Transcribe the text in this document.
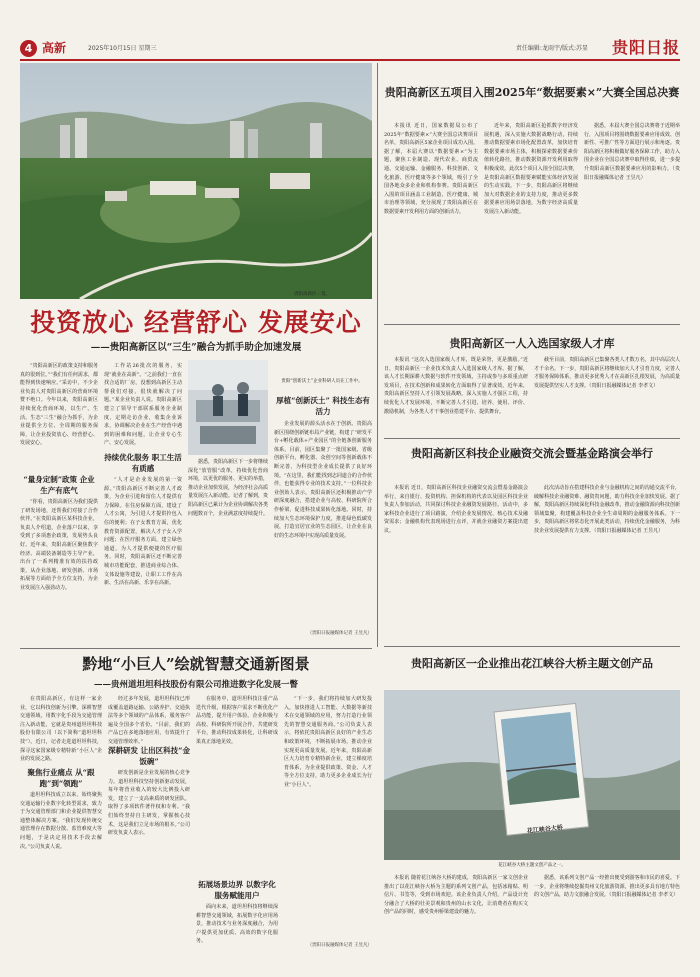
4 高新	2025年10月15日 星期三	责任编辑:龙雨宇/版式:苏显 贵阳日报
贵阳高新区一景。
投资放心 经营舒心 发展安心
——贵阳高新区以“三生”融合为抓手助企加速发展
“贵阳高新区的政策支持和服务真的很到位。”“我们有任何需求，都能得到快速响应。”采访中，不少企业负责人对贵阳高新区的营商环境赞不绝口。今年以来，贵阳高新区持续优化营商环境，以生产、生活、生态“三生”融合为抓手，为企业提供全方位、全周期的服务保障，让企业投资放心、经营舒心、发展安心。
“量身定制”政策 企业生产有底气
“你看，贵阳高新区为我们提供了研发场地，还帮我们对接了合作伙伴。”在贵阳高新区某科技企业，负责人介绍道，企业落户以来，享受到了多项惠企政策，发展势头良好。近年来，贵阳高新区聚焦数字经济、高端装备制造等主导产业，出台了一系列精准有效的扶持政策，从企业落地、研发创新、市场拓展等方面给予全方位支持，为企业发展注入强劲动力。
工作站26批次的服务，实现“就业在高新”。“之前我们一直在找合适的厂房，没想到高新区主动帮我们对接，很快就解决了问题。”某企业负责人说。贵阳高新区建立了领导干部联系服务企业制度，定期走访企业，收集企业诉求，协调解决企业在生产经营中遇到的困难和问题，让企业专心生产、安心发展。
持续优化服务 职工生活有质感
“人才是企业发展的第一资源。”贵阳高新区不断完善人才政策，为企业引进和留住人才提供有力保障。在住房保障方面，建设了人才公寓，为引进人才提供拎包入住的便利；在子女教育方面，优化教育资源配置，解决人才子女入学问题；在医疗服务方面，建立绿色通道，为人才提供便捷的医疗服务。同时，贵阳高新区还不断完善城市功能配套，推进商业综合体、文体设施等建设，让职工工作在高新、生活在高新、乐享在高新。
据悉，贵阳高新区下一步将继续深化“放管服”改革，持续优化营商环境，以更优的服务、更实的举措，推动企业加快发展，为经济社会高质量发展注入新动能。记者了解到，贵阳高新区已累计为企业协调解决各类问题数百个，企业满意度持续提升。
贵阳“创新沃土”企业科研人员在工作中。
厚植“创新沃土” 科技生态有活力
企业发展的源头活水在于创新。贵阳高新区围绕创新链布局产业链，构建了“研发平台+孵化载体+产业园区”的全链条创新服务体系。目前，园区集聚了一批国家级、省级创新平台，孵化器、众创空间等创新载体不断完善，为科技型企业成长提供了良好环境。“在这里，我们能找到志同道合的合作伙伴，也能获得专业的技术支持。”一位科技企业创始人表示。贵阳高新区还积极推动产学研深度融合，搭建企业与高校、科研院所合作桥梁，促进科技成果转化落地。同时，持续加大生态环境保护力度，推进绿色低碳发展，打造宜居宜业的生态园区，让企业在良好的生态环境中实现高质量发展。
（贵阳日报融媒体记者 王昱凡）
贵阳高新区五项目入围2025年“数据要素×”大赛全国总决赛
本报讯 近日，国家数据局公布了2025年“数据要素×”大赛全国总决赛项目名单，贵阳高新区5家企业项目成功入围。据了解，本届大赛以“数据要素×”为主题，聚焦工业制造、现代农业、商贸流通、交通运输、金融服务、科技创新、文化旅游、医疗健康等多个领域，吸引了全国各地众多企业和机构参赛。贵阳高新区入围的项目涵盖工业制造、医疗健康、城市治理等领域，充分展现了贵阳高新区在数据要素开发利用方面的创新活力。
近年来，贵阳高新区抢抓数字经济发展机遇，深入实施大数据战略行动，持续推动数据要素市场化配置改革，加快培育数据要素市场主体，积极探索数据要素价值转化路径，推动数据资源开发利用取得积极成效。此次5个项目入围全国总决赛，是贵阳高新区数据要素赋能实体经济发展的生动实践。下一步，贵阳高新区将继续加大对数据企业的支持力度，推动更多数据要素应用场景落地，为数字经济高质量发展注入新动能。
据悉，本届大赛全国总决赛将于近期举行，入围项目将围绕数据要素应用成效、创新性、可推广性等方面进行展示和角逐。贵阳高新区将积极做好服务保障工作，助力入围企业在全国总决赛中取得佳绩，进一步提升贵阳高新区数据要素应用的影响力。（贵阳日报融媒体记者 王昱凡）
贵阳高新区一人入选国家级人才库
本报讯 “这次入选国家级人才库，既是荣誉，更是激励。”近日，贵阳高新区一企业技术负责人入选国家级人才库。据了解，该人才长期深耕大数据与软件开发领域，主持或参与多项重点研发项目，在技术创新和成果转化方面取得了显著成效。近年来，贵阳高新区坚持人才引领发展战略，深入实施人才强区工程，持续优化人才发展环境，不断完善人才引进、培养、使用、评价、激励机制，为各类人才干事创业搭建平台、提供舞台。
截至目前，贵阳高新区已集聚各类人才数万名，其中高层次人才千余名。下一步，贵阳高新区将继续加大人才引育力度，完善人才服务保障体系，推动更多优秀人才在高新区扎根发展，为高质量发展提供坚实人才支撑。（贵阳日报融媒体记者 李孝文）
贵阳高新区科技企业融资交流会暨基金路演会举行
本报讯 近日，贵阳高新区科技企业融资交流会暨基金路演会举行，来自银行、投资机构、担保机构的代表以及园区科技企业负责人参加活动，共同探讨科技企业融资发展路径。活动中，多家科技企业进行了项目路演，介绍企业发展情况、核心技术及融资需求；金融机构代表现场进行点评，并就企业融资方案提出建议。
此次活动旨在搭建科技企业与金融机构之间的沟通交流平台，破解科技企业融资难、融资贵问题，助力科技企业加快发展。据了解，贵阳高新区持续深化科技金融改革，推动金融资源向科技创新领域集聚，构建覆盖科技企业全生命周期的金融服务体系。下一步，贵阳高新区将常态化开展此类活动，持续优化金融服务，为科技企业发展提供有力支撑。（贵阳日报融媒体记者 王昱凡）
黔地“小巨人”绘就智慧交通新图景
——贵州道坦坦科技股份有限公司推进数字化发展一瞥
在贵阳高新区，有这样一家企业，它以科技创新为引擎，深耕智慧交通领域，用数字化手段为交通管理注入新动能，它就是贵州道坦坦科技股份有限公司（以下简称“道坦坦科技”）。近日，记者走进道坦坦科技，探寻这家国家级专精特新“小巨人”企业的发展之路。
聚焦行业痛点 从“跟跑”到“领跑”
道坦坦科技成立以来，始终聚焦交通运输行业数字化转型需求，致力于为交通管理部门和企业提供智慧交通整体解决方案。“我们发现传统交通管理存在数据分散、监管难度大等问题，于是决定用技术手段去解决。”公司负责人说。
经过多年发展，道坦坦科技已形成覆盖道路运输、公路养护、交通执法等多个领域的产品体系，服务客户遍及全国多个省份。“目前，我们的产品已在多地落地应用，有效提升了交通管理效率。”
深耕研发 让出区科技“金饭碗”
研发创新是企业发展的核心竞争力。道坦坦科技坚持创新驱动发展，每年将营业收入的较大比例投入研发，建立了一支高素质的研发团队，取得了多项软件著作权和专利。“我们始终坚持自主研发，掌握核心技术，这是我们立足市场的根本。”公司研发负责人表示。
在服务中，道坦坦科技注重产品迭代升级，根据客户需求不断优化产品功能，提升用户体验。企业积极与高校、科研院所开展合作，共建研发平台，推动科技成果转化，让科研成果真正落地见效。
拓展场景边界 以数字化服务赋能用户
面向未来，道坦坦科技将继续深耕智慧交通领域，拓展数字化应用场景，推动技术与业务深度融合，为用户提供更加优质、高效的数字化服务。
“下一步，我们将持续加大研发投入，加快推进人工智能、大数据等新技术在交通领域的应用，努力打造行业领先的智慧交通服务商。”公司负责人表示，将依托贵阳高新区良好的产业生态和政策环境，不断拓展市场，推动企业实现更高质量发展。近年来，贵阳高新区大力培育专精特新企业，建立梯度培育体系，为企业提供政策、资金、人才等全方位支持，助力更多企业成长为行业“小巨人”。
（贵阳日报融媒体记者 王昱凡）
贵阳高新区一企业推出花江峡谷大桥主题文创产品
花江峡谷大桥
花江峡谷大桥主题文创产品之一。
本报讯 随着花江峡谷大桥的建成，贵阳高新区一家文创企业推出了以花江峡谷大桥为主题的系列文创产品，包括冰箱贴、明信片、书签等，受到市场欢迎。该企业负责人介绍，产品设计充分融合了大桥的壮美景观和贵州的山水文化，让消费者在购买文创产品的同时，感受贵州桥梁建设的魅力。
据悉，该系列文创产品一经推出便受到游客和市民的喜爱。下一步，企业将继续挖掘贵州文化旅游资源，推出更多具有地方特色的文创产品，助力文旅融合发展。（贵阳日报融媒体记者 李孝文）
